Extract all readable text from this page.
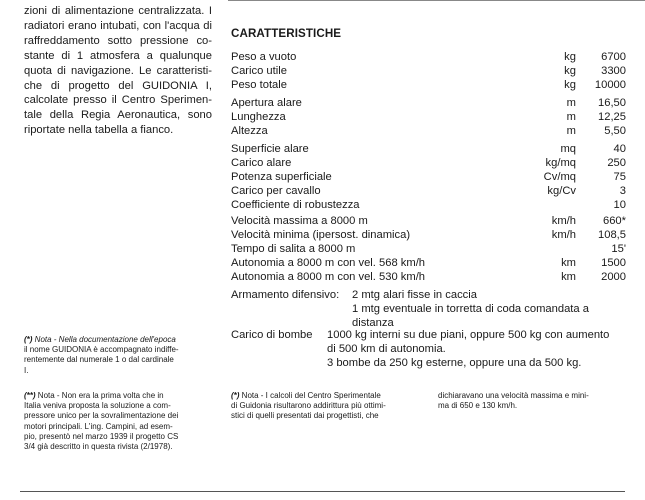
zioni di alimentazione centralizzata. I
radiatori erano intubati, con l'acqua di
raffreddamento sotto pressione co-
stante di 1 atmosfera a qualunque
quota di navigazione. Le caratteristi-
che di progetto del GUIDONIA I,
calcolate presso il Centro Sperimen-
tale della Regia Aeronautica, sono
riportate nella tabella a fianco.
(*) Nota - Nella documentazione dell'epoca
il nome GUIDONIA è accompagnato indiffe-
rentemente dal numerale 1 o dal cardinale
I.
(**) Nota - Non era la prima volta che in
Italia veniva proposta la soluzione a com-
pressore unico per la sovralimentazione dei
motori principali. L'ing. Campini, ad esem-
pio, presentò nel marzo 1939 il progetto CS
3/4 già descritto in questa rivista (2/1978).
(*) Nota - I calcoli del Centro Sperimentale
di Guidonia risultarono addirittura più ottimi-
stici di quelli presentati dai progettisti, che
dichiaravano una velocità massima e mini-
ma di 650 e 130 km/h.
CARATTERISTICHE
Peso a vuoto	kg 6700
Carico utile	kg 3300
Peso totale	kg 10000
Apertura alare	m 16,50
Lunghezza	m 12,25
Altezza	m	5,50
Superficie alare	mq	40
Carico alare	kg/mq	250
Potenza superficiale	Cv/mq	75
Carico per cavallo	kg/Cv	3
Coefficiente di robustezza	10
Velocità massima a 8000 m	km/h 660*
Velocità minima (ipersost. dinamica)	km/h 108,5
Tempo di salita a 8000 m	15'
Autonomia a 8000 m con vel. 568 km/h	km 1500
Autonomia a 8000 m con vel. 530 km/h	km 2000
Armamento difensivo: 2 mtg alari fisse in caccia
1 mtg eventuale in torretta di coda comandata a
distanza
Carico di bombe 1000 kg interni su due piani, oppure 500 kg con aumento
di 500 km di autonomia.
3 bombe da 250 kg esterne, oppure una da 500 kg.
